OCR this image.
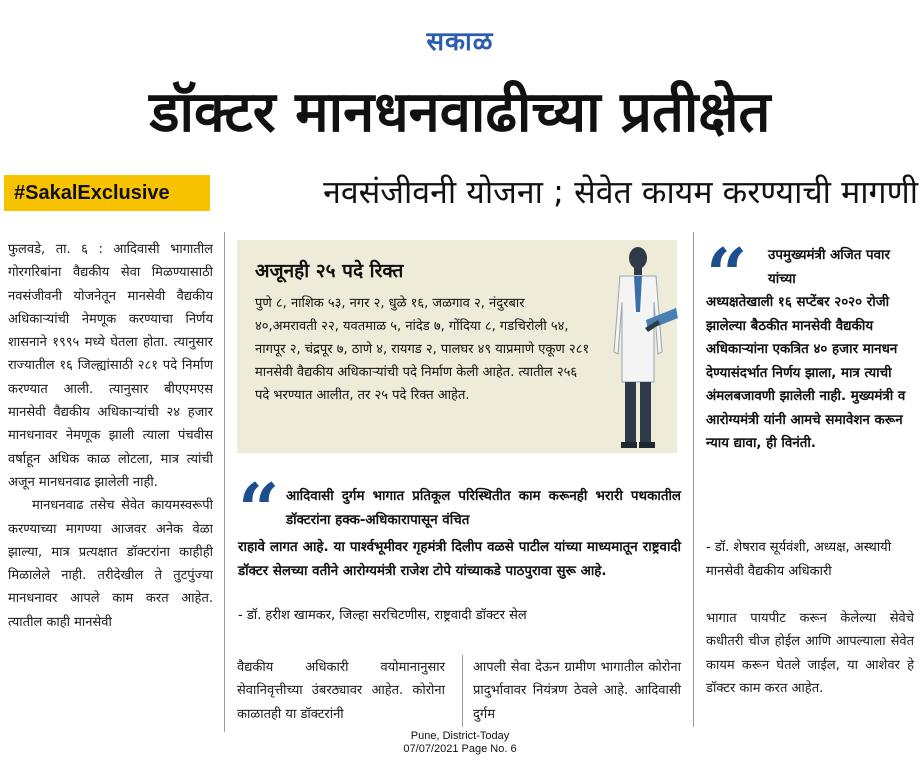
सकाळ
डॉक्टर मानधनवाढीच्या प्रतीक्षेत
#SakalExclusive	नवसंजीवनी योजना ; सेवेत कायम करण्याची मागणी

फुलवडे, ता. ६ : आदिवासी भागातील गोरगरिबांना वैद्यकीय सेवा मिळण्यासाठी नवसंजीवनी योजनेतून मानसेवी वैद्यकीय अधिकाऱ्यांची नेमणूक करण्याचा निर्णय शासनाने १९९५ मध्ये घेतला होता. त्यानुसार राज्यातील १६ जिल्ह्यांसाठी २८१ पदे निर्माण करण्यात आली. त्यानुसार बीएएमएस मानसेवी वैद्यकीय अधिकाऱ्यांची २४ हजार मानधनावर नेमणूक झाली त्याला पंचवीस वर्षाहून अधिक काळ लोटला, मात्र त्यांची अजून मानधनवाढ झालेली नाही.

मानधनवाढ तसेच सेवेत कायमस्वरूपी करण्याच्या मागण्या आजवर अनेक वेळा झाल्या, मात्र प्रत्यक्षात डॉक्टरांना काहीही मिळालेले नाही. तरीदेखील ते तुटपुंज्या मानधनावर आपले काम करत आहेत. त्यातील काही मानसेवी

अजूनही २५ पदे रिक्त
पुणे ८, नाशिक ५३, नगर २, धुळे १६, जळगाव २, नंदुरबार ४०,अमरावती २२, यवतमाळ ५, नांदेड ७, गोंदिया ८, गडचिरोली ५४, नागपूर २, चंद्रपूर ७, ठाणे ४, रायगड २, पालघर ४९ याप्रमाणे एकूण २८१ मानसेवी वैद्यकीय अधिकाऱ्यांची पदे निर्माण केली आहेत. त्यातील २५६ पदे भरण्यात आलीत, तर २५ पदे रिक्त आहेत.
“ आदिवासी दुर्गम भागात प्रतिकूल परिस्थितीत काम करूनही भरारी पथकातील डॉक्टरांना हक्क-अधिकारापासून वंचित
राहावे लागत आहे. या पार्श्वभूमीवर गृहमंत्री दिलीप वळसे पाटील यांच्या माध्यमातून राष्ट्रवादी डॉक्टर सेलच्या वतीने आरोग्यमंत्री राजेश टोपे यांच्याकडे पाठपुरावा सुरू आहे.
- डॉ. हरीश खामकर, जिल्हा सरचिटणीस, राष्ट्रवादी डॉक्टर सेल
“ उपमुख्यमंत्री अजित पवार यांच्या
अध्यक्षतेखाली १६ सप्टेंबर २०२० रोजी झालेल्या बैठकीत मानसेवी वैद्यकीय अधिकाऱ्यांना एकत्रित ४० हजार मानधन देण्यासंदर्भात निर्णय झाला, मात्र त्याची अंमलबजावणी झालेली नाही. मुख्यमंत्री व आरोग्यमंत्री यांनी आमचे समावेशन करून न्याय द्यावा, ही विनंती.
- डॉ. शेषराव सूर्यवंशी, अध्यक्ष, अस्थायी मानसेवी वैद्यकीय अधिकारी
वैद्यकीय अधिकारी वयोमानानुसार सेवानिवृत्तीच्या उंबरठ्यावर आहेत. कोरोना काळातही या डॉक्टरांनी
आपली सेवा देऊन ग्रामीण भागातील कोरोना प्रादुर्भावावर नियंत्रण ठेवले आहे. आदिवासी दुर्गम
भागात पायपीट करून केलेल्या सेवेचे कधीतरी चीज होईल आणि आपल्याला सेवेत कायम करून घेतले जाईल, या आशेवर हे डॉक्टर काम करत आहेत.
Pune, District-Today
07/07/2021 Page No. 6
